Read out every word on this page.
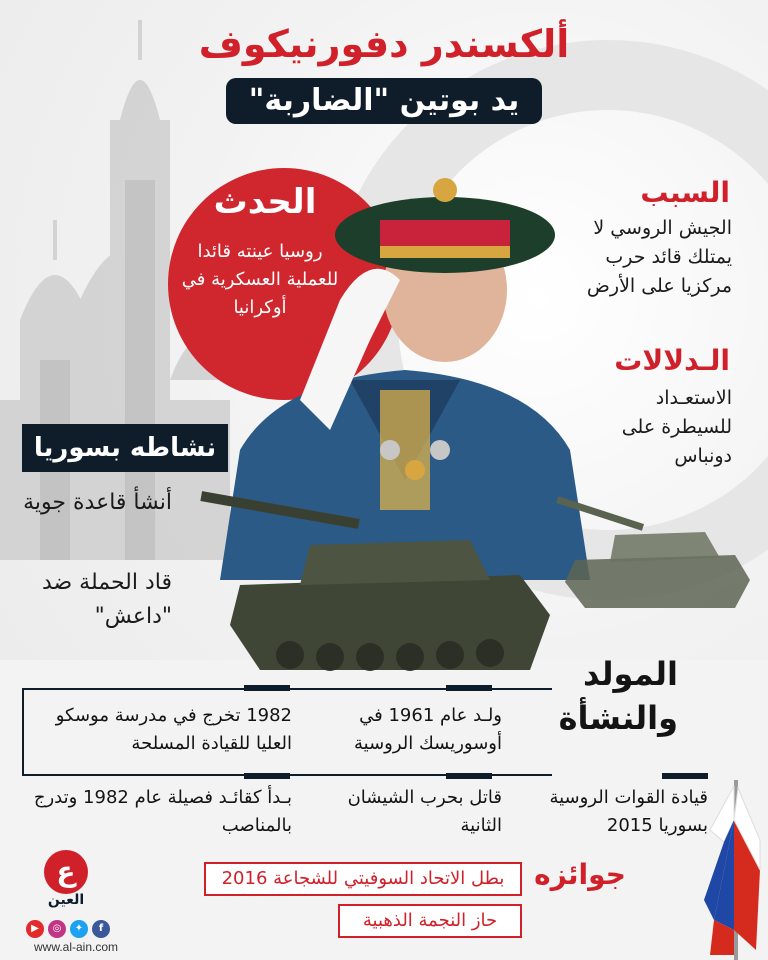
ألكسندر دفورنيكوف
يد بوتين "الضاربة"
الحدث
روسيا عينته قائدا للعملية العسكرية في أوكرانيا
السبب
الجيش الروسي لا يمتلك قائد حرب مركزيا على الأرض
الـدلالات
الاستعـداد للسيطرة على دونباس
نشاطه بسوريا
أنشأ قاعدة جوية
قاد الحملة ضد "داعش"
المولد والنشأة
ولـد عام 1961 في أوسوريسك الروسية
1982 تخرج في مدرسة موسكو العليا للقيادة المسلحة
قيادة القوات الروسية بسوريا 2015
قاتل بحرب الشيشان الثانية
بـدأ كقائـد فصيلة عام 1982 وتدرج بالمناصب
جوائزه
بطل الاتحاد السوفيتي للشجاعة 2016
حاز النجمة الذهبية
ع
العين
▶	◎	✦	f
www.al-ain.com
